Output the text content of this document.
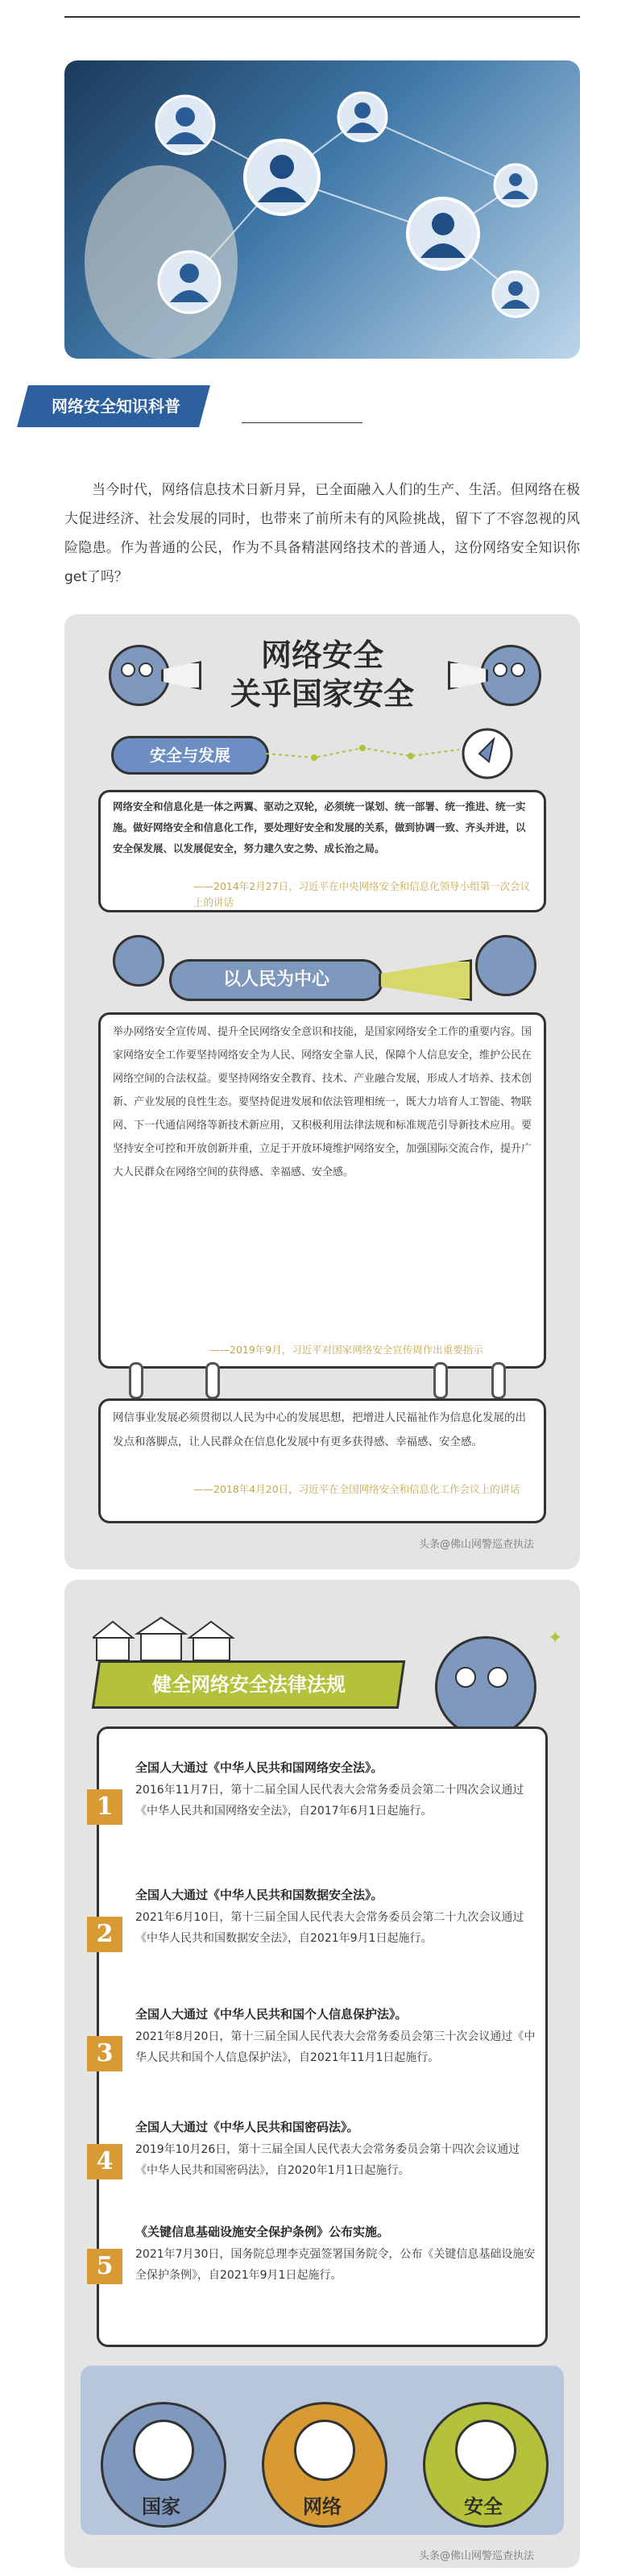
网络安全知识科普
当今时代，网络信息技术日新月异，已全面融入人们的生产、生活。但网络在极大促进经济、社会发展的同时，也带来了前所未有的风险挑战，留下了不容忽视的风险隐患。作为普通的公民，作为不具备精湛网络技术的普通人，这份网络安全知识你get了吗？
网络安全
关乎国家安全
安全与发展
网络安全和信息化是一体之两翼、驱动之双轮，必须统一谋划、统一部署、统一推进、统一实施。做好网络安全和信息化工作，要处理好安全和发展的关系，做到协调一致、齐头并进，以安全保发展、以发展促安全，努力建久安之势、成长治之局。
——2014年2月27日，习近平在中央网络安全和信息化领导小组第一次会议上的讲话
以人民为中心
举办网络安全宣传周、提升全民网络安全意识和技能，是国家网络安全工作的重要内容。国家网络安全工作要坚持网络安全为人民、网络安全靠人民，保障个人信息安全，维护公民在网络空间的合法权益。要坚持网络安全教育、技术、产业融合发展，形成人才培养、技术创新、产业发展的良性生态。要坚持促进发展和依法管理相统一，既大力培育人工智能、物联网、下一代通信网络等新技术新应用，又积极利用法律法规和标准规范引导新技术应用。要坚持安全可控和开放创新并重，立足于开放环境维护网络安全，加强国际交流合作，提升广大人民群众在网络空间的获得感、幸福感、安全感。
——2019年9月，习近平对国家网络安全宣传周作出重要指示
网信事业发展必须贯彻以人民为中心的发展思想，把增进人民福祉作为信息化发展的出发点和落脚点，让人民群众在信息化发展中有更多获得感、幸福感、安全感。
——2018年4月20日，习近平在全国网络安全和信息化工作会议上的讲话
头条@佛山网警巡查执法
健全网络安全法律法规
✦
1
全国人大通过《中华人民共和国网络安全法》。
2016年11月7日，第十二届全国人民代表大会常务委员会第二十四次会议通过《中华人民共和国网络安全法》，自2017年6月1日起施行。
2
全国人大通过《中华人民共和国数据安全法》。
2021年6月10日，第十三届全国人民代表大会常务委员会第二十九次会议通过《中华人民共和国数据安全法》，自2021年9月1日起施行。
3
全国人大通过《中华人民共和国个人信息保护法》。
2021年8月20日，第十三届全国人民代表大会常务委员会第三十次会议通过《中华人民共和国个人信息保护法》，自2021年11月1日起施行。
4
全国人大通过《中华人民共和国密码法》。
2019年10月26日，第十三届全国人民代表大会常务委员会第十四次会议通过《中华人民共和国密码法》，自2020年1月1日起施行。
5
《关键信息基础设施安全保护条例》公布实施。
2021年7月30日，国务院总理李克强签署国务院令，公布《关键信息基础设施安全保护条例》，自2021年9月1日起施行。
国家	网络	安全
头条@佛山网警巡查执法
